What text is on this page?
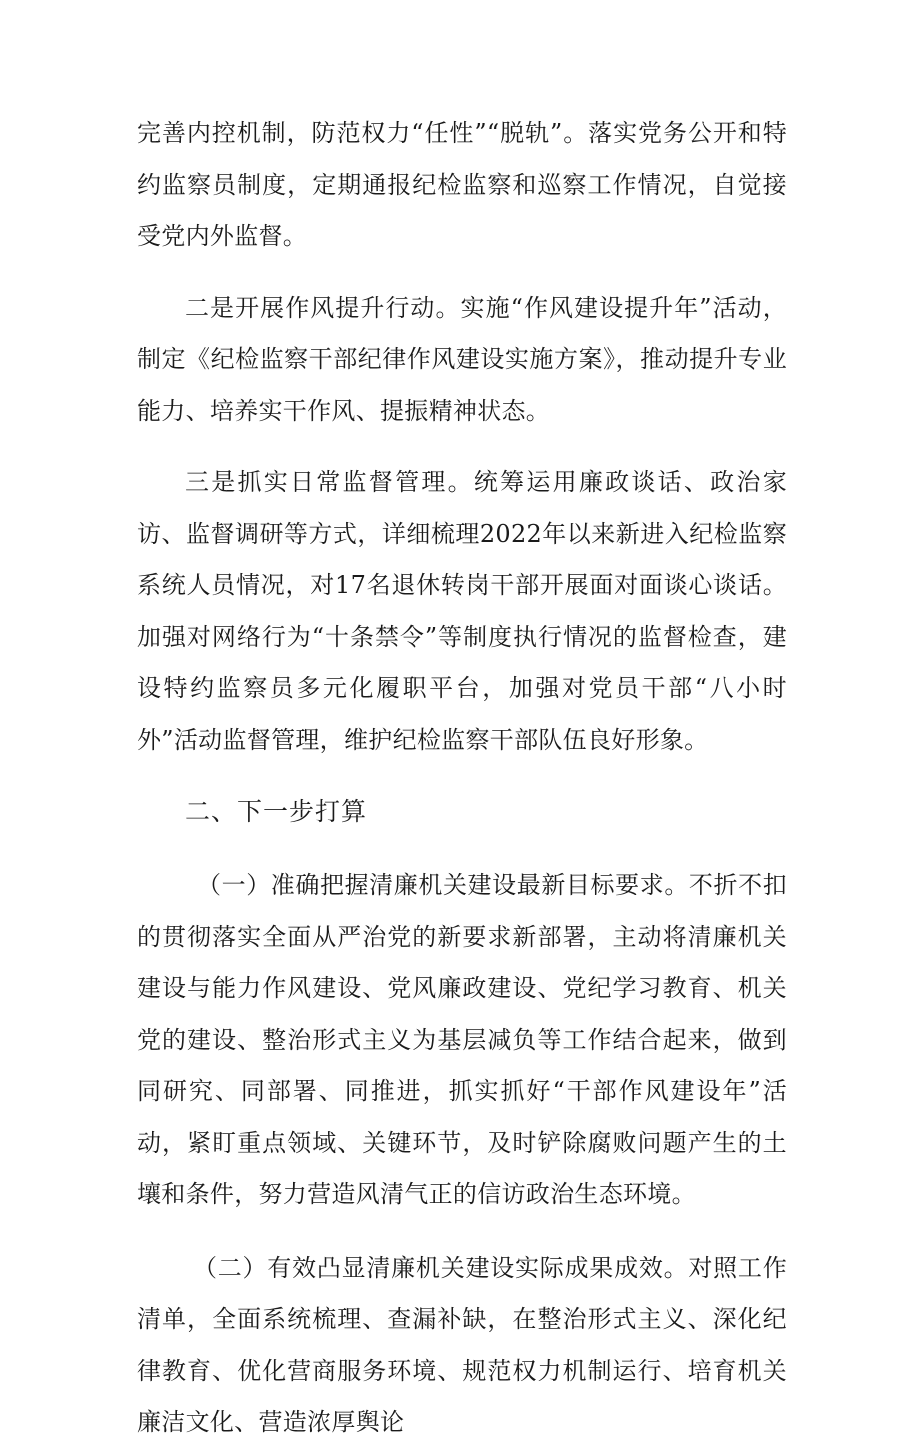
完善内控机制，防范权力“任性”“脱轨”。落实党务公开和特约监察员制度，定期通报纪检监察和巡察工作情况，自觉接受党内外监督。

二是开展作风提升行动。实施“作风建设提升年”活动，制定《纪检监察干部纪律作风建设实施方案》，推动提升专业能力、培养实干作风、提振精神状态。

三是抓实日常监督管理。统筹运用廉政谈话、政治家访、监督调研等方式，详细梳理2022年以来新进入纪检监察系统人员情况，对17名退休转岗干部开展面对面谈心谈话。加强对网络行为“十条禁令”等制度执行情况的监督检查，建设特约监察员多元化履职平台，加强对党员干部“八小时外”活动监督管理，维护纪检监察干部队伍良好形象。

二、下一步打算

（一）准确把握清廉机关建设最新目标要求。不折不扣的贯彻落实全面从严治党的新要求新部署，主动将清廉机关建设与能力作风建设、党风廉政建设、党纪学习教育、机关党的建设、整治形式主义为基层减负等工作结合起来，做到同研究、同部署、同推进，抓实抓好“干部作风建设年”活动，紧盯重点领域、关键环节，及时铲除腐败问题产生的土壤和条件，努力营造风清气正的信访政治生态环境。

（二）有效凸显清廉机关建设实际成果成效。对照工作清单，全面系统梳理、查漏补缺，在整治形式主义、深化纪律教育、优化营商服务环境、规范权力机制运行、培育机关廉洁文化、营造浓厚舆论
